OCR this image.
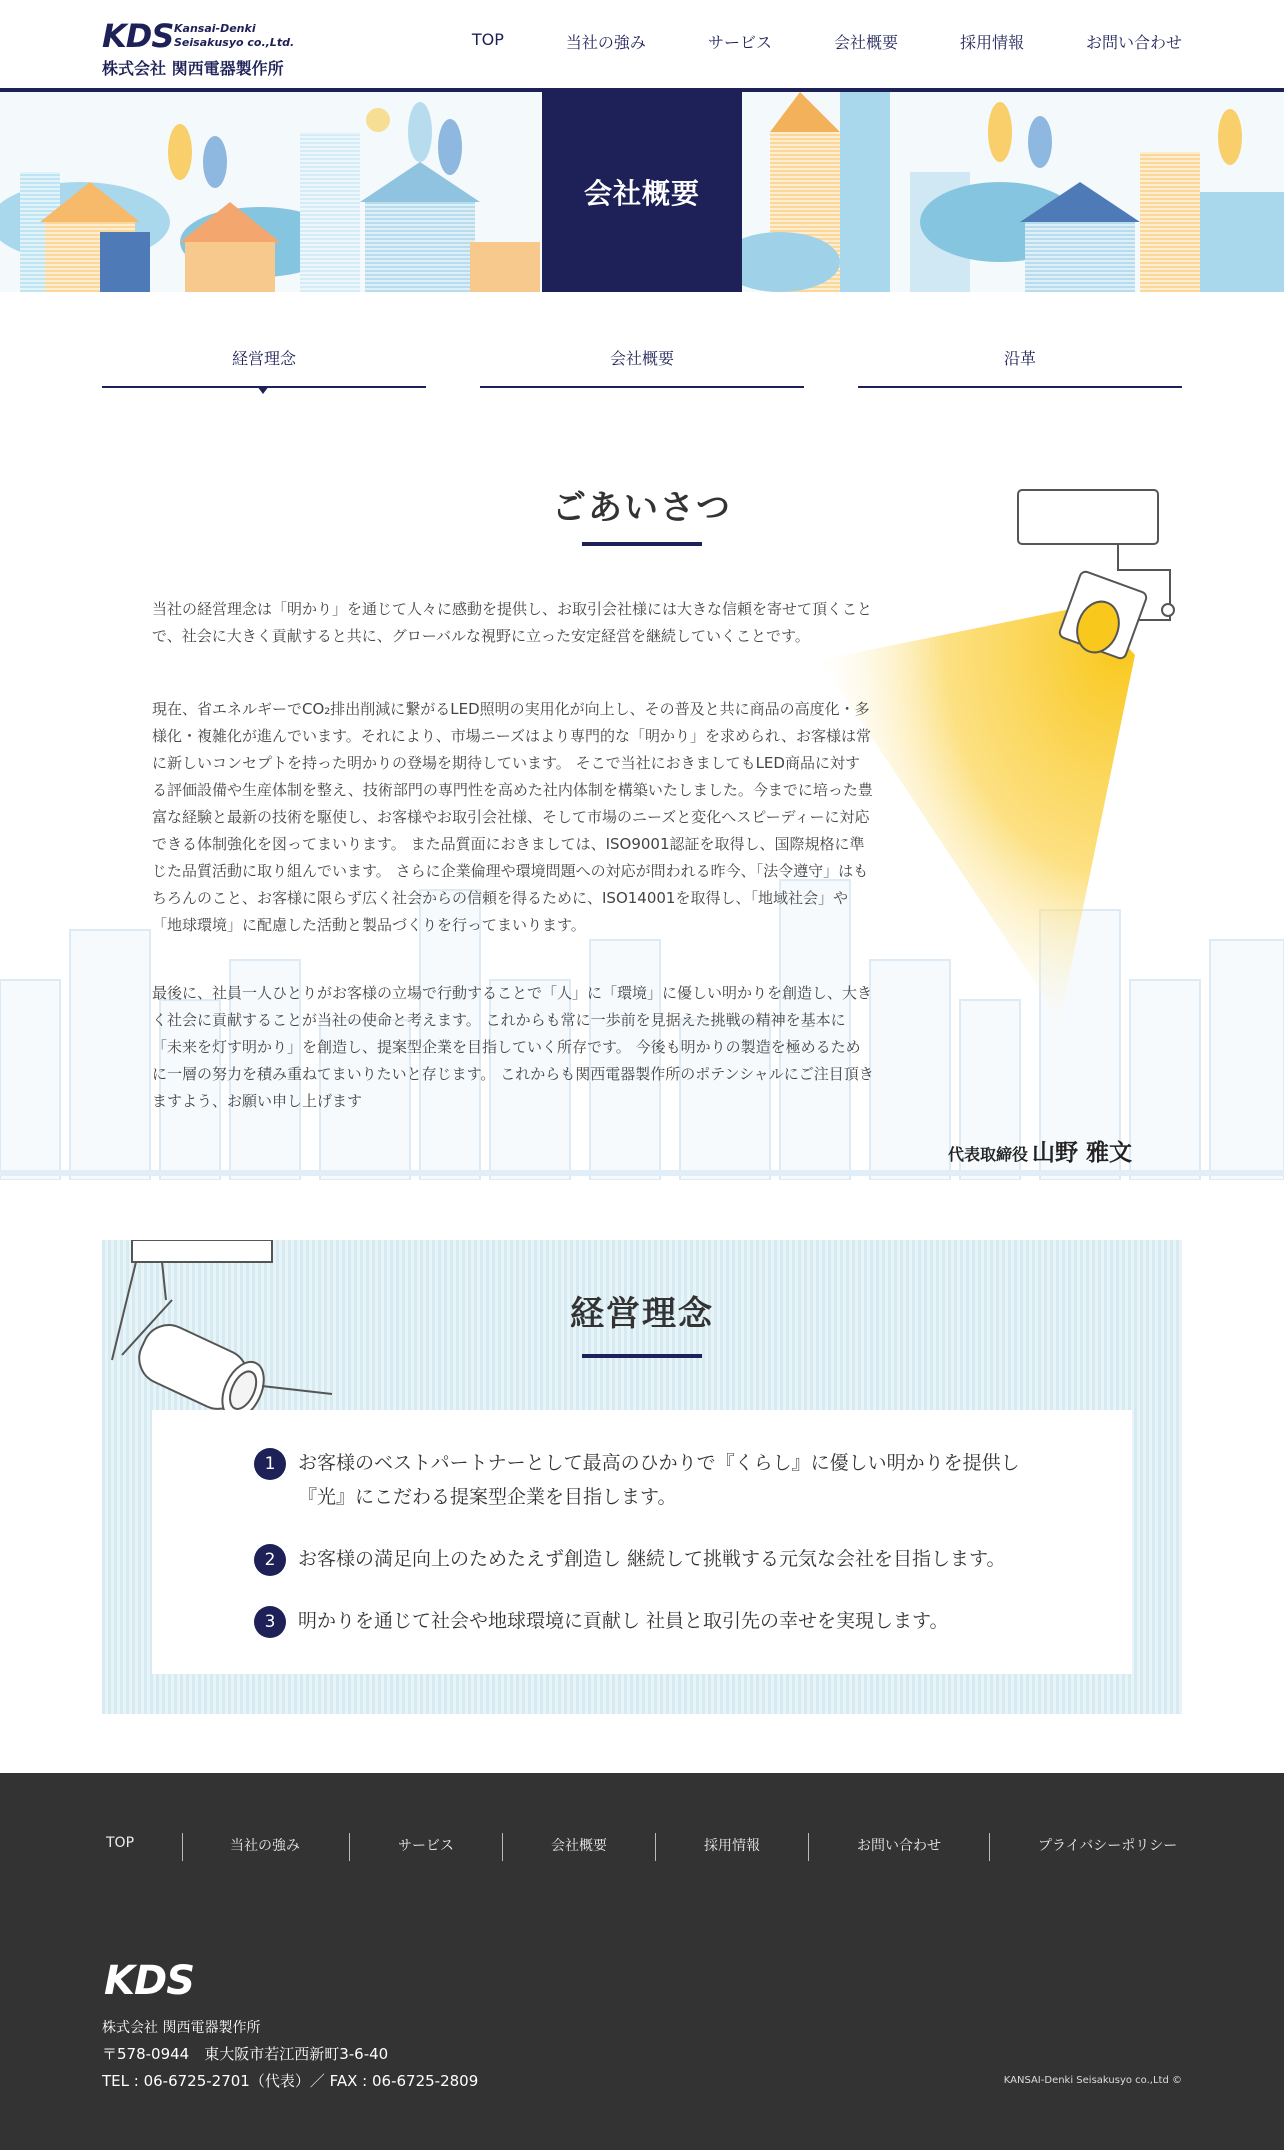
KDS Kansai-Denki Seisakusyo co.,Ltd.
株式会社 関西電器製作所
TOP	当社の強み	サービス	会社概要	採用情報	お問い合わせ
会社概要
経営理念	会社概要	沿革
ごあいさつ

当社の経営理念は「明かり」を通じて人々に感動を提供し、お取引会社様には大きな信頼を寄せて頂くことで、社会に大きく貢献すると共に、グローバルな視野に立った安定経営を継続していくことです。

現在、省エネルギーでCO₂排出削減に繋がるLED照明の実用化が向上し、その普及と共に商品の高度化・多様化・複雑化が進んでいます。それにより、市場ニーズはより専門的な「明かり」を求められ、お客様は常に新しいコンセプトを持った明かりの登場を期待しています。 そこで当社におきましてもLED商品に対する評価設備や生産体制を整え、技術部門の専門性を高めた社内体制を構築いたしました。今までに培った豊富な経験と最新の技術を駆使し、お客様やお取引会社様、そして市場のニーズと変化へスピーディーに対応できる体制強化を図ってまいります。 また品質面におきましては、ISO9001認証を取得し、国際規格に準じた品質活動に取り組んでいます。 さらに企業倫理や環境問題への対応が問われる昨今、「法令遵守」はもちろんのこと、お客様に限らず広く社会からの信頼を得るために、ISO14001を取得し、「地域社会」や「地球環境」に配慮した活動と製品づくりを行ってまいります。

最後に、社員一人ひとりがお客様の立場で行動することで「人」に「環境」に優しい明かりを創造し、大きく社会に貢献することが当社の使命と考えます。 これからも常に一歩前を見据えた挑戦の精神を基本に「未来を灯す明かり」を創造し、提案型企業を目指していく所存です。 今後も明かりの製造を極めるために一層の努力を積み重ねてまいりたいと存じます。 これからも関西電器製作所のポテンシャルにご注目頂きますよう、お願い申し上げます

代表取締役 山野 雅文
経営理念
1	お客様のベストパートナーとして最高のひかりで『くらし』に優しい明かりを提供し『光』にこだわる提案型企業を目指します。
2	お客様の満足向上のためたえず創造し 継続して挑戦する元気な会社を目指します。
3	明かりを通じて社会や地球環境に貢献し 社員と取引先の幸せを実現します。
TOP	当社の強み	サービス	会社概要	採用情報	お問い合わせ	プライバシーポリシー
KDS
株式会社 関西電器製作所
〒578-0944　東大阪市若江西新町3-6-40
TEL : 06-6725-2701（代表）／ FAX : 06-6725-2809	KANSAI-Denki Seisakusyo co.,Ltd ©
